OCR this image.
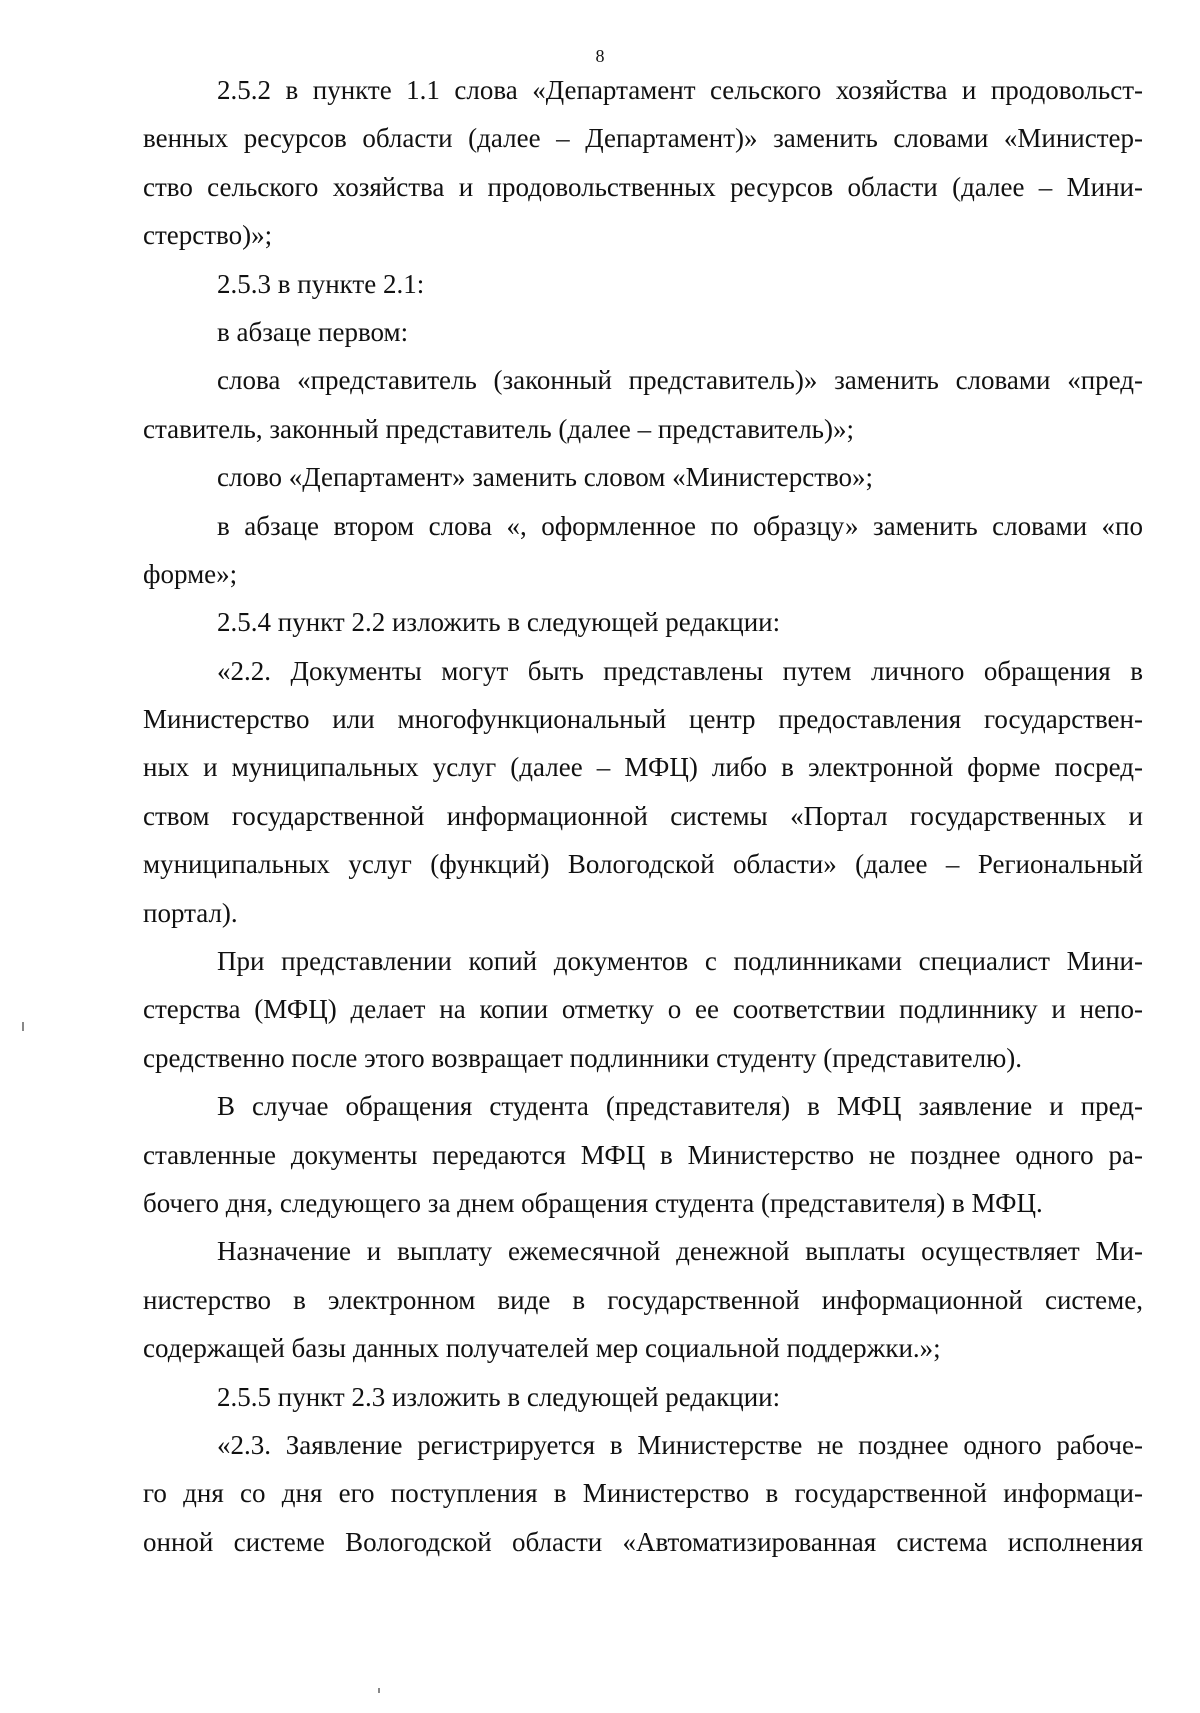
8
2.5.2 в пункте 1.1 слова «Департамент сельского хозяйства и продовольст-
венных ресурсов области (далее – Департамент)» заменить словами «Министер-
ство сельского хозяйства и продовольственных ресурсов области (далее – Мини-
стерство)»;
2.5.3 в пункте 2.1:
в абзаце первом:
слова «представитель (законный представитель)» заменить словами «пред-
ставитель, законный представитель (далее – представитель)»;
слово «Департамент» заменить словом «Министерство»;
в абзаце втором слова «, оформленное по образцу» заменить словами «по
форме»;
2.5.4 пункт 2.2 изложить в следующей редакции:
«2.2. Документы могут быть представлены путем личного обращения в
Министерство или многофункциональный центр предоставления государствен-
ных и муниципальных услуг (далее – МФЦ) либо в электронной форме посред-
ством государственной информационной системы «Портал государственных и
муниципальных услуг (функций) Вологодской области» (далее – Региональный
портал).
При представлении копий документов с подлинниками специалист Мини-
стерства (МФЦ) делает на копии отметку о ее соответствии подлиннику и непо-
средственно после этого возвращает подлинники студенту (представителю).
В случае обращения студента (представителя) в МФЦ заявление и пред-
ставленные документы передаются МФЦ в Министерство не позднее одного ра-
бочего дня, следующего за днем обращения студента (представителя) в МФЦ.
Назначение и выплату ежемесячной денежной выплаты осуществляет Ми-
нистерство в электронном виде в государственной информационной системе,
содержащей базы данных получателей мер социальной поддержки.»;
2.5.5 пункт 2.3 изложить в следующей редакции:
«2.3. Заявление регистрируется в Министерстве не позднее одного рабоче-
го дня со дня его поступления в Министерство в государственной информаци-
онной системе Вологодской области «Автоматизированная система исполнения
